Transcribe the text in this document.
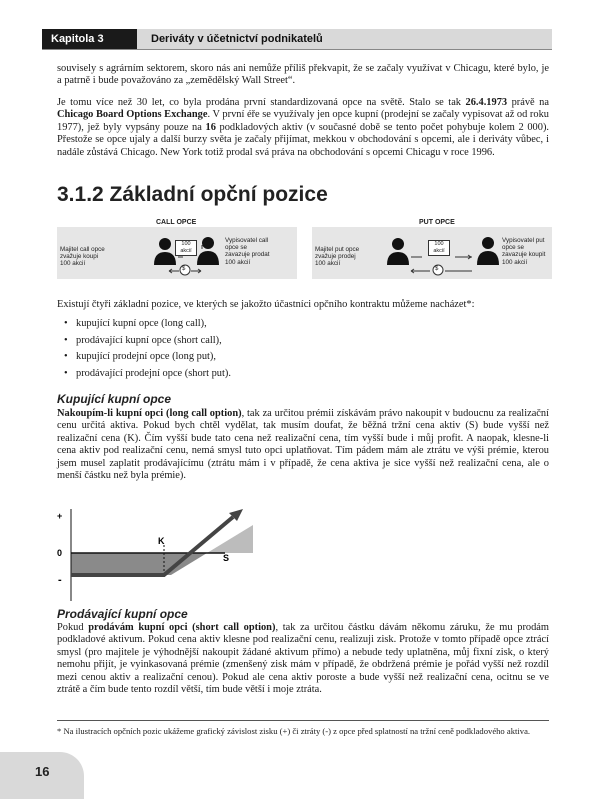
Kapitola 3	Deriváty v účetnictví podnikatelů

souvisely s agrárním sektorem, skoro nás ani nemůže příliš překvapit, že se začaly využívat v Chicagu, které bylo, je a patrně i bude považováno za „zemědělský Wall Street“.

Je tomu více než 30 let, co byla prodána první standardizovaná opce na světě. Stalo se tak 26.4.1973 právě na Chicago Board Options Exchange. V první éře se využívaly jen opce kupní (prodejní se začaly vypisovat až od roku 1977), jež byly vypsány pouze na 16 podkladových aktiv (v současné době se tento počet pohybuje kolem 2 000). Přestože se opce ujaly a další burzy světa je začaly přijímat, mekkou v obchodování s opcemi, ale i deriváty vůbec, i nadále zůstává Chicago. New York totiž prodal svá práva na obchodování s opcemi Chicagu v roce 1996.

3.1.2 Základní opční pozice
CALL OPCE
Majitel call opce
zvažuje koupi
100 akcií
100
akcií
$
Vypisovatel call
opce se
zavazuje prodat
100 akcií
PUT OPCE
Majitel put opce
zvažuje prodej
100 akcií
100
akcií
$
Vypisovatel put
opce se
zavazuje koupit
100 akcií

Existují čtyři základní pozice, ve kterých se jakožto účastníci opčního kontraktu můžeme nacházet*:

• kupující kupní opce (long call),
• prodávající kupní opce (short call),
• kupující prodejní opce (long put),
• prodávající prodejní opce (short put).
Kupující kupní opce

Nakoupím-li kupní opci (long call option), tak za určitou prémii získávám právo nakoupit v budoucnu za realizační cenu určitá aktiva. Pokud bych chtěl vydělat, tak musím doufat, že běžná tržní cena aktiv (S) bude vyšší než realizační cena (K). Čím vyšší bude tato cena než realizační cena, tím vyšší bude i můj profit. A naopak, klesne-li cena aktiv pod realizační cenu, nemá smysl tuto opci uplatňovat. Tím pádem mám ale ztrátu ve výši prémie, kterou jsem musel zaplatit prodávajícímu (ztrátu mám i v případě, že cena aktiva je sice vyšší než realizační cena, ale o menší částku než byla prémie).

+
0
-
K
S
Prodávající kupní opce

Pokud prodávám kupní opci (short call option), tak za určitou částku dávám někomu záruku, že mu prodám podkladové aktivum. Pokud cena aktiv klesne pod realizační cenu, realizuji zisk. Protože v tomto případě opce ztrácí smysl (pro majitele je výhodnější nakoupit žádané aktivum přímo) a nebude tedy uplatněna, můj fixní zisk, o který nemohu přijít, je vyinkasovaná prémie (zmenšený zisk mám v případě, že obdržená prémie je pořád vyšší než rozdíl mezi cenou aktiv a realizační cenou). Pokud ale cena aktiv poroste a bude vyšší než realizační cena, ocitnu se ve ztrátě a čím bude tento rozdíl větší, tím bude větší i moje ztráta.

* Na ilustracích opčních pozic ukážeme grafický závislost zisku (+) či ztráty (-) z opce před splatností na tržní ceně podkladového aktiva.

16
